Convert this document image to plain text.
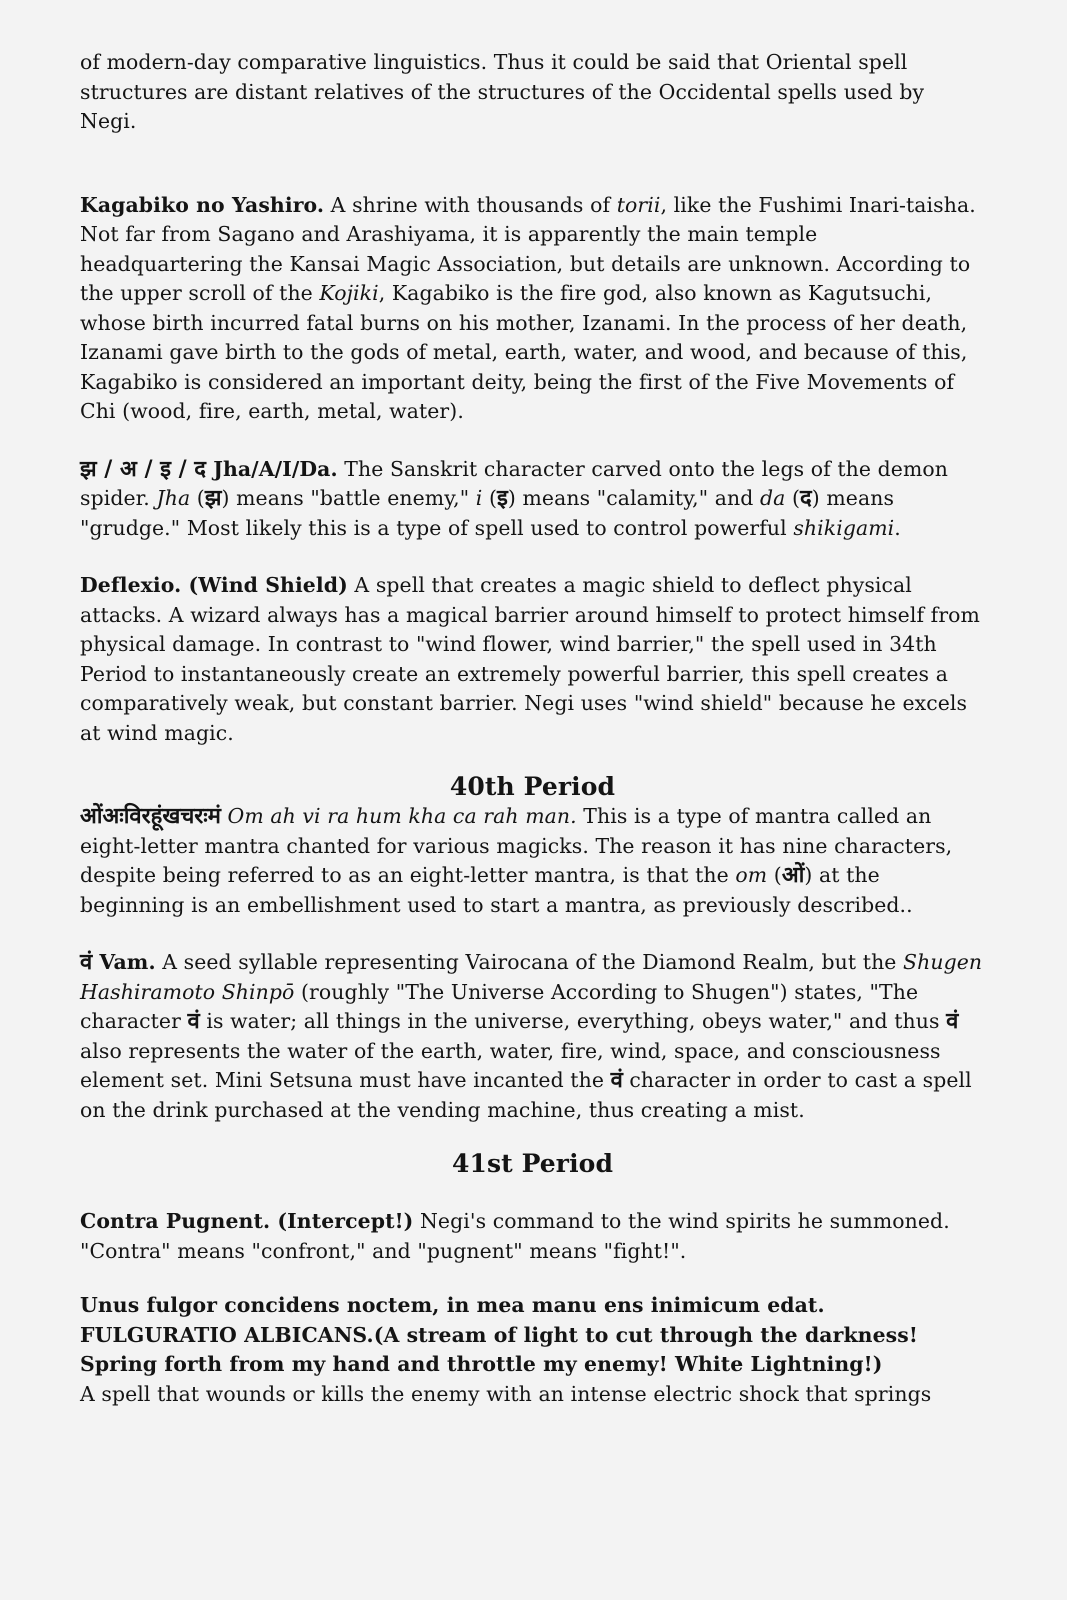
of modern-day comparative linguistics. Thus it could be said that Oriental spell structures are distant relatives of the structures of the Occidental spells used by Negi.

Kagabiko no Yashiro. A shrine with thousands of torii, like the Fushimi Inari-taisha. Not far from Sagano and Arashiyama, it is apparently the main temple headquartering the Kansai Magic Association, but details are unknown. According to the upper scroll of the Kojiki, Kagabiko is the fire god, also known as Kagutsuchi, whose birth incurred fatal burns on his mother, Izanami. In the process of her death, Izanami gave birth to the gods of metal, earth, water, and wood, and because of this, Kagabiko is considered an important deity, being the first of the Five Movements of Chi (wood, fire, earth, metal, water).

झ / अ / इ / द Jha/A/I/Da. The Sanskrit character carved onto the legs of the demon spider. Jha (झ) means "battle enemy," i (इ) means "calamity," and da (द) means "grudge." Most likely this is a type of spell used to control powerful shikigami.

Deflexio. (Wind Shield) A spell that creates a magic shield to deflect physical attacks. A wizard always has a magical barrier around himself to protect himself from physical damage. In contrast to "wind flower, wind barrier," the spell used in 34th Period to instantaneously create an extremely powerful barrier, this spell creates a comparatively weak, but constant barrier. Negi uses "wind shield" because he excels at wind magic.

40th Period

ओंअःविरहूंखचरःमं Om ah vi ra hum kha ca rah man. This is a type of mantra called an eight-letter mantra chanted for various magicks. The reason it has nine characters, despite being referred to as an eight-letter mantra, is that the om (ओं) at the beginning is an embellishment used to start a mantra, as previously described..

वं Vam. A seed syllable representing Vairocana of the Diamond Realm, but the Shugen Hashiramoto Shinpō (roughly "The Universe According to Shugen") states, "The character वं is water; all things in the universe, everything, obeys water," and thus वं also represents the water of the earth, water, fire, wind, space, and consciousness element set. Mini Setsuna must have incanted the वं character in order to cast a spell on the drink purchased at the vending machine, thus creating a mist.

41st Period

Contra Pugnent. (Intercept!) Negi's command to the wind spirits he summoned. "Contra" means "confront," and "pugnent" means "fight!".

Unus fulgor concidens noctem, in mea manu ens inimicum edat.
FULGURATIO ALBICANS.(A stream of light to cut through the darkness!
Spring forth from my hand and throttle my enemy! White Lightning!)
A spell that wounds or kills the enemy with an intense electric shock that springs
